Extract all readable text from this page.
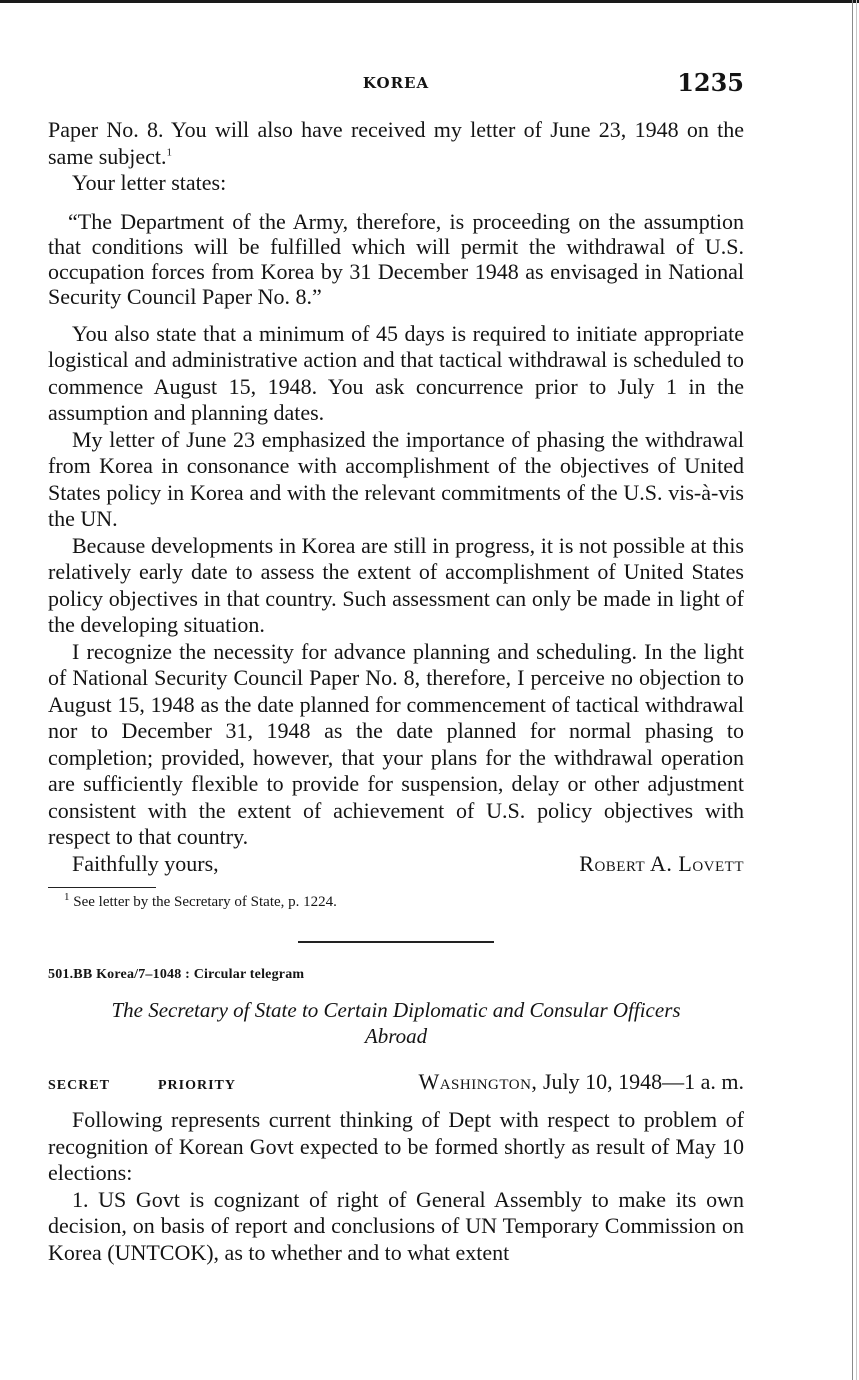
KOREA	1235

Paper No. 8. You will also have received my letter of June 23, 1948 on the same subject.$^1$

Your letter states:

“The Department of the Army, therefore, is proceeding on the assumption that conditions will be fulfilled which will permit the withdrawal of U.S. occupation forces from Korea by 31 December 1948 as envisaged in National Security Council Paper No. 8.”

You also state that a minimum of 45 days is required to initiate appropriate logistical and administrative action and that tactical withdrawal is scheduled to commence August 15, 1948. You ask concurrence prior to July 1 in the assumption and planning dates.

My letter of June 23 emphasized the importance of phasing the withdrawal from Korea in consonance with accomplishment of the objectives of United States policy in Korea and with the relevant commitments of the U.S. vis-à-vis the UN.

Because developments in Korea are still in progress, it is not possible at this relatively early date to assess the extent of accomplishment of United States policy objectives in that country. Such assessment can only be made in light of the developing situation.

I recognize the necessity for advance planning and scheduling. In the light of National Security Council Paper No. 8, therefore, I perceive no objection to August 15, 1948 as the date planned for commencement of tactical withdrawal nor to December 31, 1948 as the date planned for normal phasing to completion; provided, however, that your plans for the withdrawal operation are sufficiently flexible to provide for suspension, delay or other adjustment consistent with the extent of achievement of U.S. policy objectives with respect to that country.

Faithfully yours,	Robert A. Lovett

$^1$ See letter by the Secretary of State, p. 1224.

501.BB Korea/7–1048 : Circular telegram

The Secretary of State to Certain Diplomatic and Consular Officers Abroad

SECRET	PRIORITY	Washington, July 10, 1948—1 a. m.

Following represents current thinking of Dept with respect to problem of recognition of Korean Govt expected to be formed shortly as result of May 10 elections:

1. US Govt is cognizant of right of General Assembly to make its own decision, on basis of report and conclusions of UN Temporary Commission on Korea (UNTCOK), as to whether and to what extent
